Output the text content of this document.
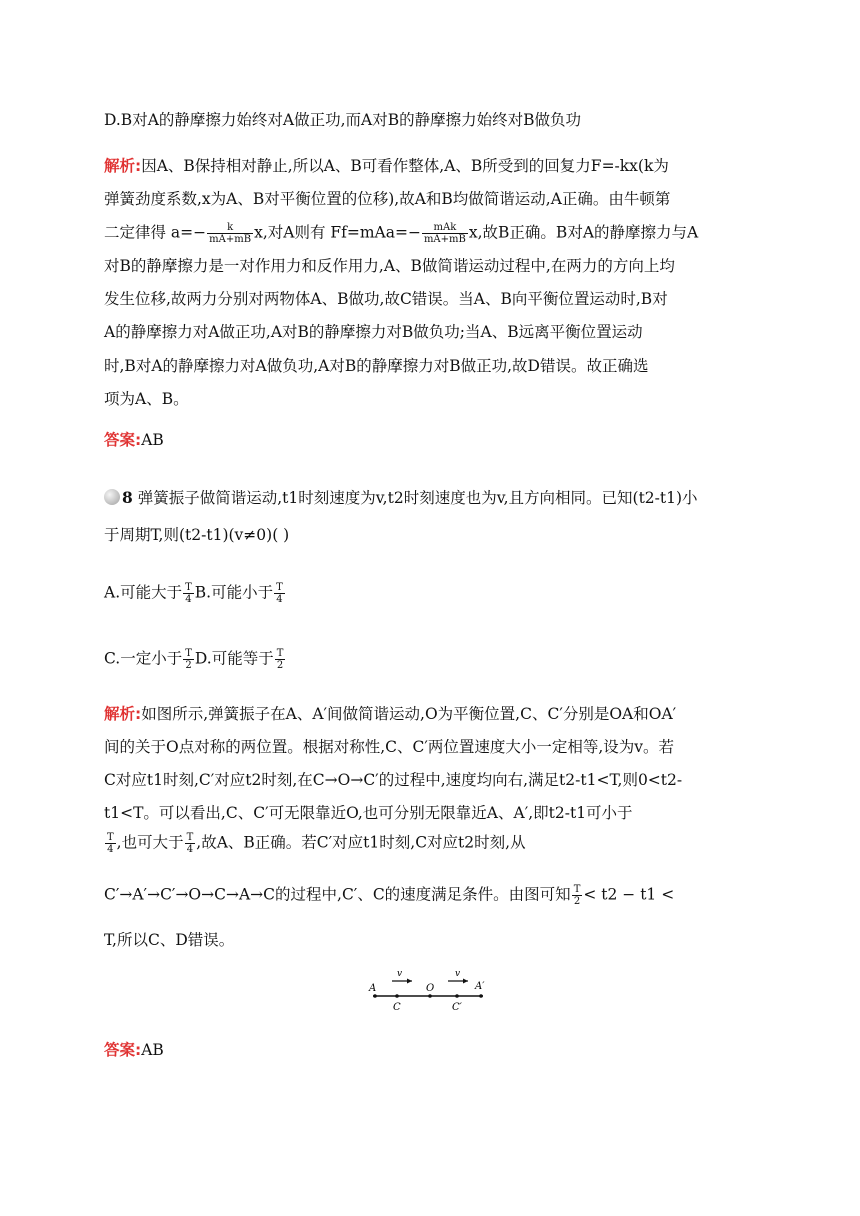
D.B对A的静摩擦力始终对A做正功,而A对B的静摩擦力始终对B做负功
解析:因A、B保持相对静止,所以A、B可看作整体,A、B所受到的回复力F=-kx(k为
弹簧劲度系数,x为A、B对平衡位置的位移),故A和B均做简谐运动,A正确。由牛顿第
二定律得 $a=- \frac{k}{mA+mB} x$,对A则有 $Ff=mAa=- \frac{\text{mAk}}{mA+mB} x$,故B正确。B对A的静摩擦力与A
对B的静摩擦力是一对作用力和反作用力,A、B做简谐运动过程中,在两力的方向上均
发生位移,故两力分别对两物体A、B做功,故C错误。当A、B向平衡位置运动时,B对
A的静摩擦力对A做正功,A对B的静摩擦力对B做负功;当A、B远离平衡位置运动
时,B对A的静摩擦力对A做负功,A对B的静摩擦力对B做正功,故D错误。故正确选
项为A、B。
答案:AB
8 弹簧振子做简谐运动,t1时刻速度为v,t2时刻速度也为v,且方向相同。已知(t2-t1)小
于周期T,则(t2-t1)(v≠0)( )
A.可能大于 $\frac{T}{4} B$.可能小于 $\frac{T}{4}$
C.一定小于 $\frac{T}{2} D$.可能等于 $\frac{T}{2}$
解析:如图所示,弹簧振子在A、A′间做简谐运动,O为平衡位置,C、C′分别是OA和OA′
间的关于O点对称的两位置。根据对称性,C、C′两位置速度大小一定相等,设为v。若
C对应t1时刻,C′对应t2时刻,在C→O→C′的过程中,速度均向右,满足t2-t1<T,则0<t2-
t1<T。可以看出,C、C′可无限靠近O,也可分别无限靠近A、A′,即t2-t1可小于
$\frac{T}{4}$ ,也可大于 $\frac{T}{4}$ ,故A、B正确。若C′对应t1时刻,C对应t2时刻,从
C′→A′→C′→O→C→A→C的过程中,C′、C的速度满足条件。由图可知 $\frac{T}{2} < t2 - t1$ <
T,所以C、D错误。
A	O	A′
C	C′
v	v
答案:AB
